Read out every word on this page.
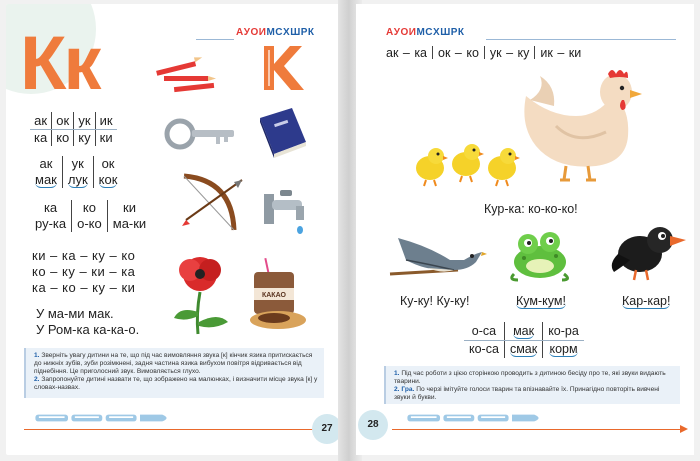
АУОИМСХШРК
Кк
ак	ок	ук	ик
ка	ко	ку	ки
ак	ук	ок
мак	лук	кок
ка	ко	ки
ру-ка	о-ко	ма-ки
ки – ка – ку – ко
ко – ку – ки – ка
ка – ко – ку – ки
КАКАО
У ма-ми мак.
У Ром-ка ка-ка-о.
1. Зверніть увагу дитини на те, що під час вимовляння звука [к] кінчик язика притискається до нижніх зубів, зуби розімкнені, задня частина язика вибухом повітря відривається від піднебіння. Це приголосний звук. Вимовляється глухо.
2. Запропонуйте дитині назвати те, що зображено на малюнках, і визначити місце звука [к] у словах-назвах.
27
АУОИМСХШРК
ак – ка ок – ко ук – ку ик – ки
Кур-ка: ко-ко-ко!
Ку-ку! Ку-ку!	Кум-кум!	Кар-кар!
о-са	мак	ко-ра
ко-са	смак	корм
1. Під час роботи з цією сторінкою проводить з дитиною бесіду про те, які звуки видають тварини.
2. Гра. По черзі імітуйте голоси тварин та впізнавайте їх. Принагідно повторіть вивчені звуки й букви.
28
